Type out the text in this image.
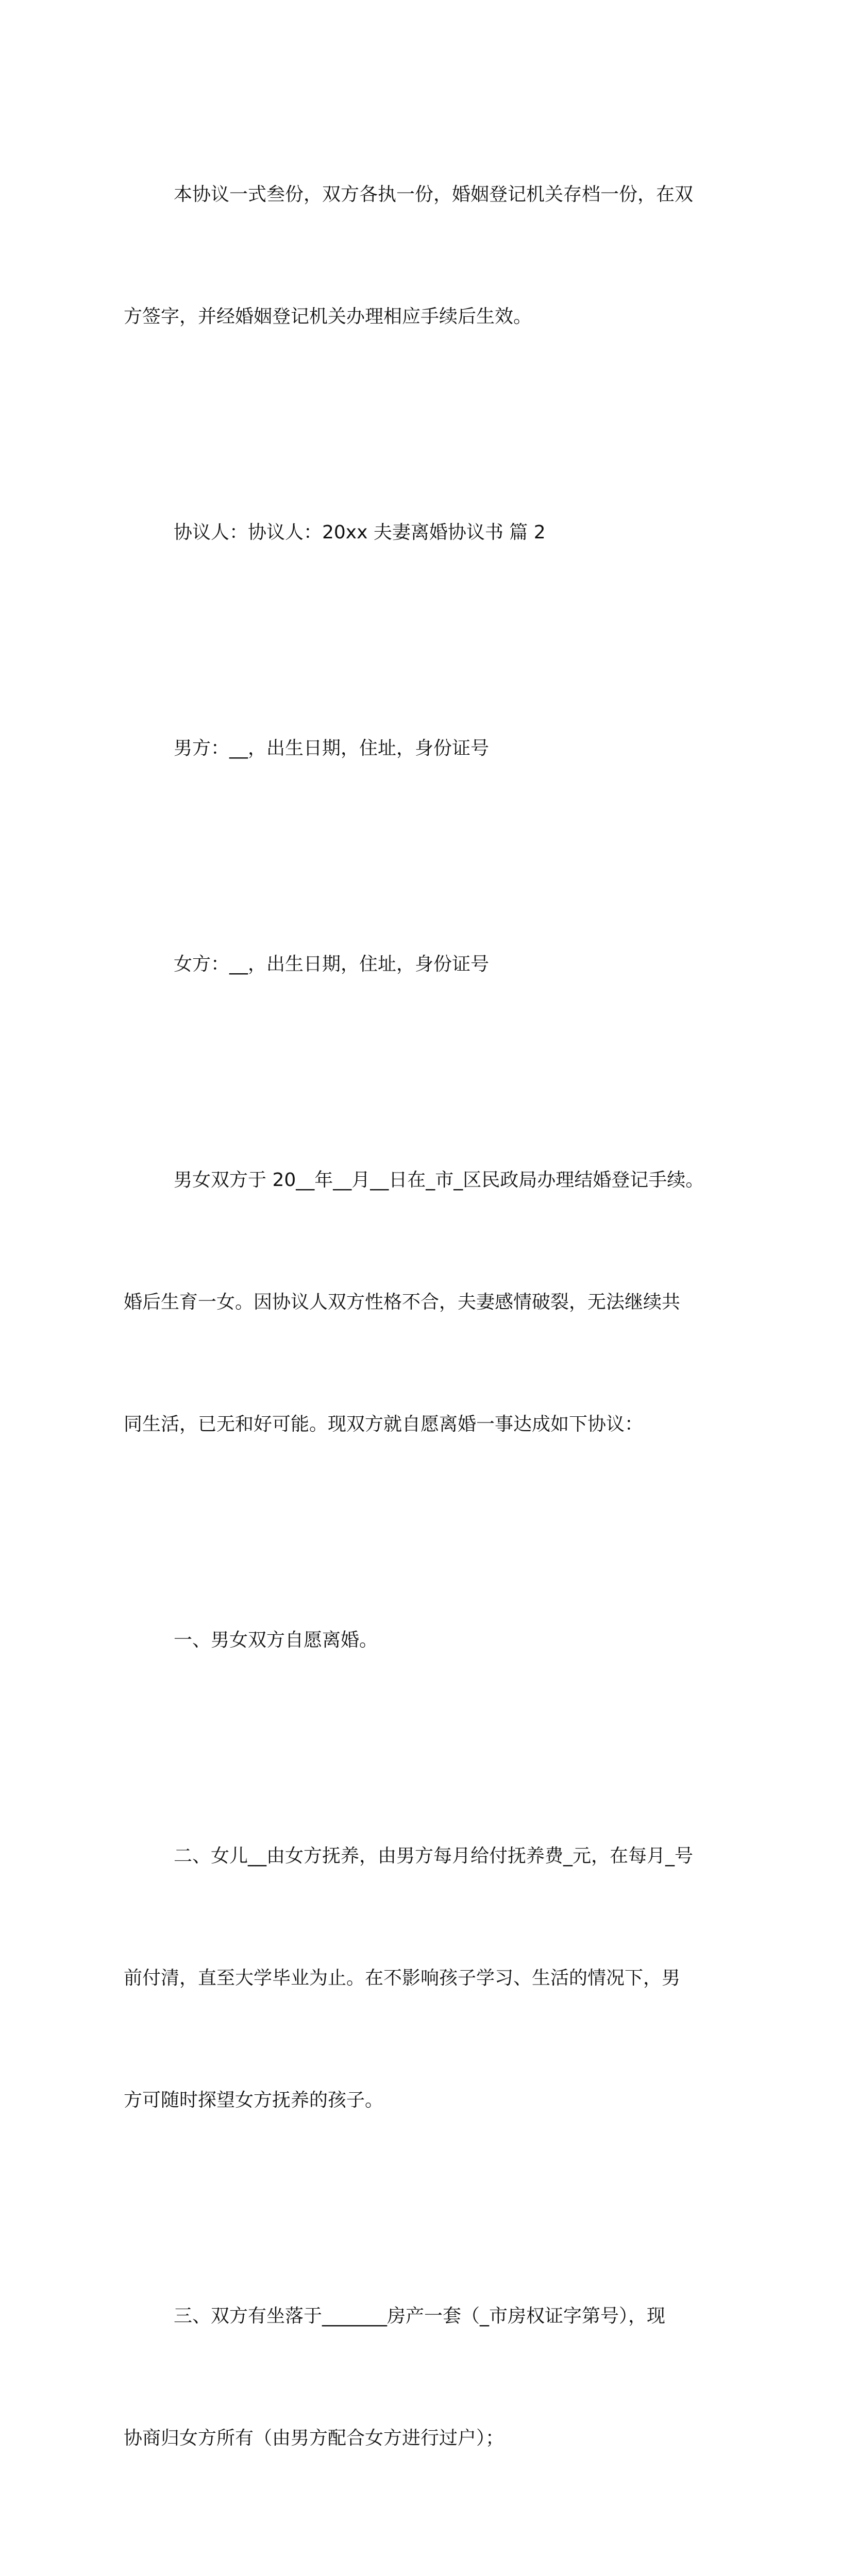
本协议一式叁份，双方各执一份，婚姻登记机关存档一份，在双

方签字，并经婚姻登记机关办理相应手续后生效。

协议人：协议人：20xx 夫妻离婚协议书 篇 2

男方：__，出生日期，住址，身份证号

女方：__，出生日期，住址，身份证号

男女双方于 20__年__月__日在_市_区民政局办理结婚登记手续。

婚后生育一女。因协议人双方性格不合，夫妻感情破裂，无法继续共

同生活，已无和好可能。现双方就自愿离婚一事达成如下协议：

一、男女双方自愿离婚。

二、女儿__由女方抚养，由男方每月给付抚养费_元，在每月_号

前付清，直至大学毕业为止。在不影响孩子学习、生活的情况下，男

方可随时探望女方抚养的孩子。

三、双方有坐落于_______房产一套（_市房权证字第号），现

协商归女方所有（由男方配合女方进行过户）；
